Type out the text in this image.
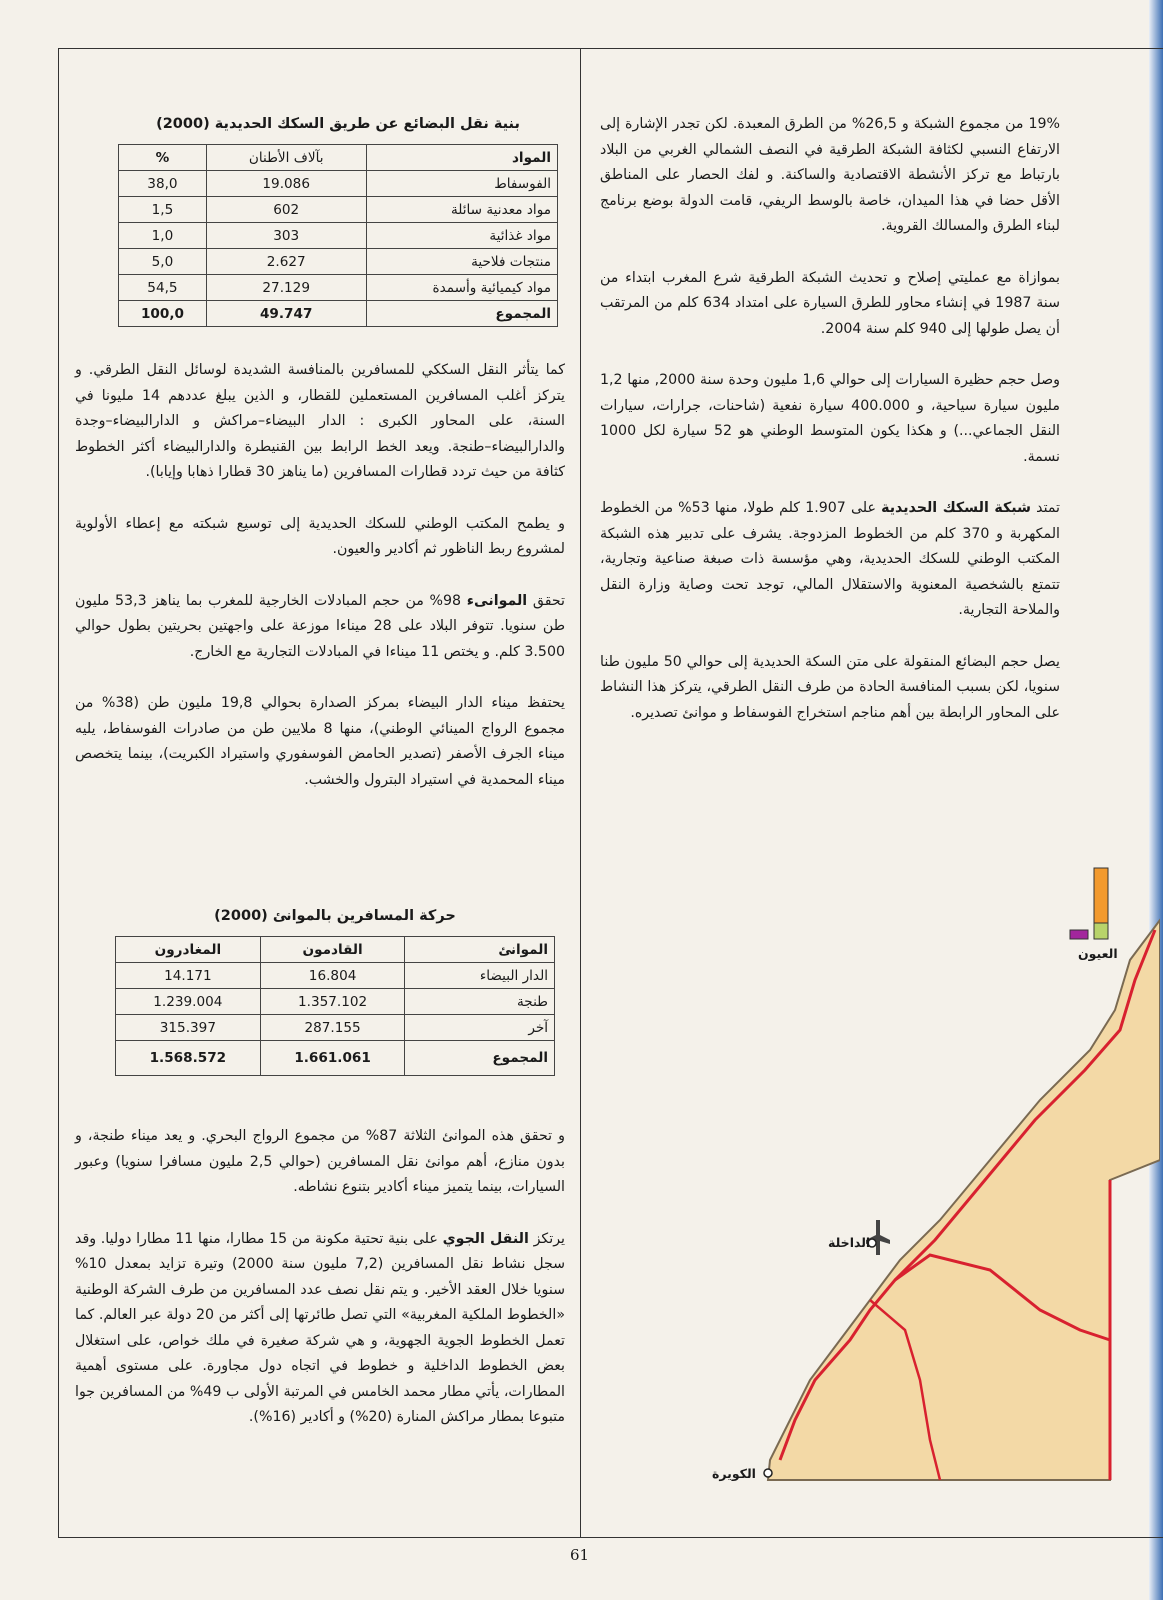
19% من مجموع الشبكة و 26,5% من الطرق المعبدة. لكن تجدر الإشارة إلى الارتفاع النسبي لكثافة الشبكة الطرقية في النصف الشمالي الغربي من البلاد بارتباط مع تركز الأنشطة الاقتصادية والساكنة. و لفك الحصار على المناطق الأقل حضا في هذا الميدان، خاصة بالوسط الريفي، قامت الدولة بوضع برنامج لبناء الطرق والمسالك القروية.

بموازاة مع عمليتي إصلاح و تحديث الشبكة الطرقية شرع المغرب ابتداء من سنة 1987 في إنشاء محاور للطرق السيارة على امتداد 634 كلم من المرتقب أن يصل طولها إلى 940 كلم سنة 2004.

وصل حجم حظيرة السيارات إلى حوالي 1,6 مليون وحدة سنة 2000, منها 1,2 مليون سيارة سياحية، و 400.000 سيارة نفعية (شاحنات، جرارات، سيارات النقل الجماعي...) و هكذا يكون المتوسط الوطني هو 52 سيارة لكل 1000 نسمة.

تمتد شبكة السكك الحديدية على 1.907 كلم طولا، منها 53% من الخطوط المكهربة و 370 كلم من الخطوط المزدوجة. يشرف على تدبير هذه الشبكة المكتب الوطني للسكك الحديدية، وهي مؤسسة ذات صبغة صناعية وتجارية، تتمتع بالشخصية المعنوية والاستقلال المالي، توجد تحت وصاية وزارة النقل والملاحة التجارية.

يصل حجم البضائع المنقولة على متن السكة الحديدية إلى حوالي 50 مليون طنا سنويا، لكن بسبب المنافسة الحادة من طرف النقل الطرقي، يتركز هذا النشاط على المحاور الرابطة بين أهم مناجم استخراج الفوسفاط و موانئ تصديره.

بنية نقل البضائع عن طريق السكك الحديدية (2000)
المواد	بآلاف الأطنان	%
الفوسفاط	19.086	38,0
مواد معدنية سائلة	602	1,5
مواد غذائية	303	1,0
منتجات فلاحية	2.627	5,0
مواد كيميائية وأسمدة	27.129	54,5
المجموع	49.747	100,0

كما يتأثر النقل السككي للمسافرين بالمنافسة الشديدة لوسائل النقل الطرقي. و يتركز أغلب المسافرين المستعملين للقطار، و الذين يبلغ عددهم 14 مليونا في السنة، على المحاور الكبرى : الدار البيضاء–مراكش و الدارالبيضاء–وجدة والدارالبيضاء–طنجة. ويعد الخط الرابط بين القنيطرة والدارالبيضاء أكثر الخطوط كثافة من حيث تردد قطارات المسافرين (ما يناهز 30 قطارا ذهابا وإيابا).

و يطمح المكتب الوطني للسكك الحديدية إلى توسيع شبكته مع إعطاء الأولوية لمشروع ربط الناظور ثم أكادير والعيون.

تحقق الموانىء 98% من حجم المبادلات الخارجية للمغرب بما يناهز 53,3 مليون طن سنويا. تتوفر البلاد على 28 ميناءا موزعة على واجهتين بحريتين بطول حوالي 3.500 كلم. و يختص 11 ميناءا في المبادلات التجارية مع الخارج.

يحتفظ ميناء الدار البيضاء بمركز الصدارة بحوالي 19,8 مليون طن (38% من مجموع الرواج المينائي الوطني)، منها 8 ملايين طن من صادرات الفوسفاط، يليه ميناء الجرف الأصفر (تصدير الحامض الفوسفوري واستيراد الكبريت)، بينما يتخصص ميناء المحمدية في استيراد البترول والخشب.

حركة المسافرين بالموانئ (2000)
الموانئ	القادمون	المغادرون
الدار البيضاء	16.804	14.171
طنجة	1.357.102	1.239.004
آخر	287.155	315.397
المجموع	1.661.061	1.568.572

و تحقق هذه الموانئ الثلاثة 87% من مجموع الرواج البحري. و يعد ميناء طنجة، و بدون منازع، أهم موانئ نقل المسافرين (حوالي 2,5 مليون مسافرا سنويا) وعبور السيارات، بينما يتميز ميناء أكادير بتنوع نشاطه.

يرتكز النقل الجوي على بنية تحتية مكونة من 15 مطارا، منها 11 مطارا دوليا. وقد سجل نشاط نقل المسافرين (7,2 مليون سنة 2000) وتيرة تزايد بمعدل 10% سنويا خلال العقد الأخير. و يتم نقل نصف عدد المسافرين من طرف الشركة الوطنية «الخطوط الملكية المغربية» التي تصل طائرتها إلى أكثر من 20 دولة عبر العالم. كما تعمل الخطوط الجوية الجهوية، و هي شركة صغيرة في ملك خواص، على استغلال بعض الخطوط الداخلية و خطوط في اتجاه دول مجاورة. على مستوى أهمية المطارات، يأتي مطار محمد الخامس في المرتبة الأولى ب 49% من المسافرين جوا متبوعا بمطار مراكش المنارة (20%) و أكادير (16%).

العيون
الداخلة
الكويرة
61
